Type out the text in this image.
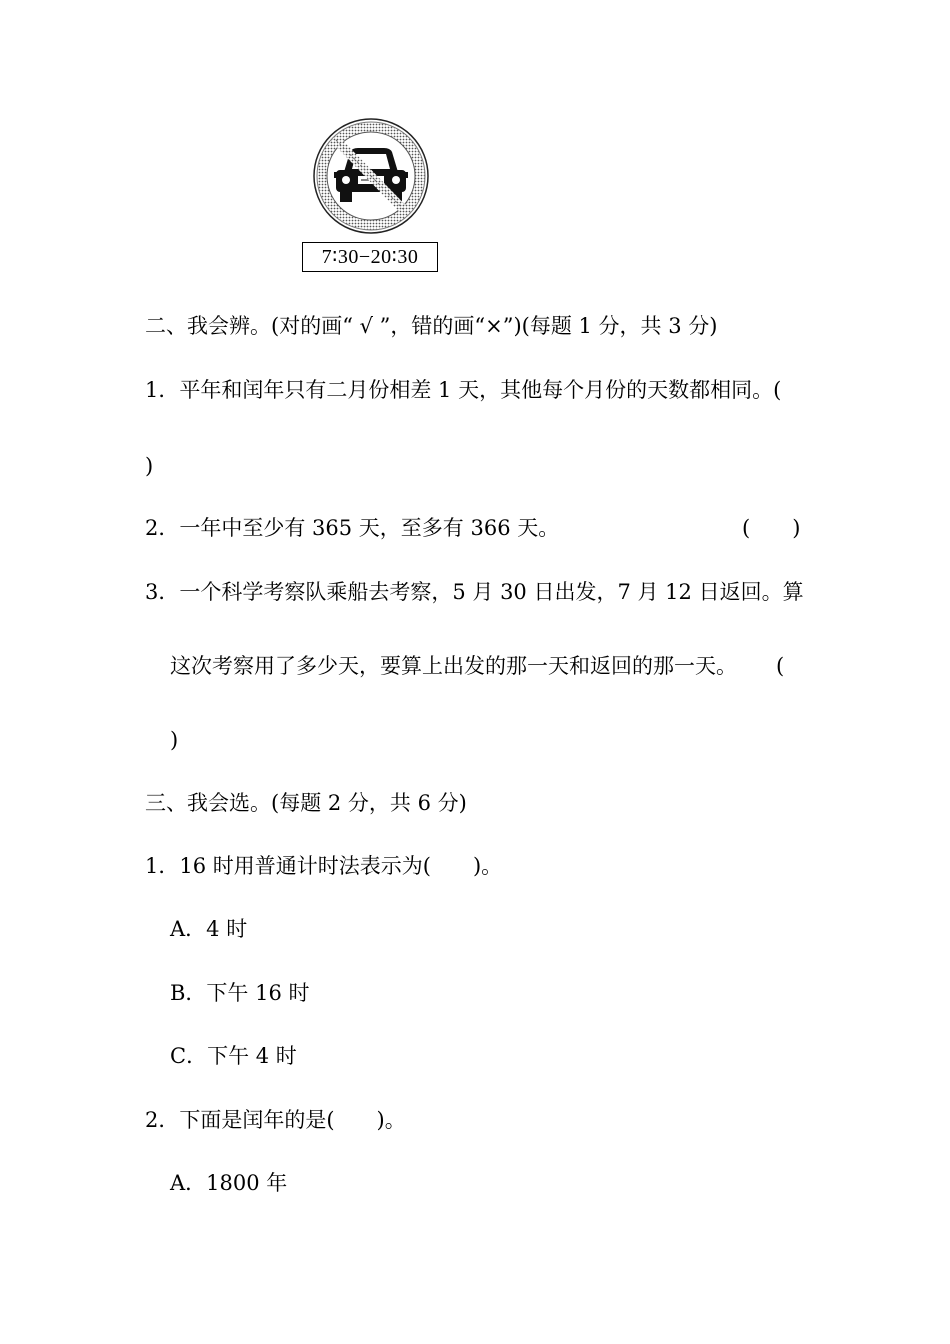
7∶30−20∶30
二、我会辨。(对的画“ √ ”，错的画“×”)(每题 1 分，共 3 分)
1．平年和闰年只有二月份相差 1 天，其他每个月份的天数都相同。(
)
2．一年中至少有 365 天，至多有 366 天。	(　　)
3．一个科学考察队乘船去考察，5 月 30 日出发，7 月 12 日返回。算
这次考察用了多少天，要算上出发的那一天和返回的那一天。 (
)
三、我会选。(每题 2 分，共 6 分)
1．16 时用普通计时法表示为(　　)。
A．4 时
B．下午 16 时
C．下午 4 时
2．下面是闰年的是(　　)。
A．1800 年
